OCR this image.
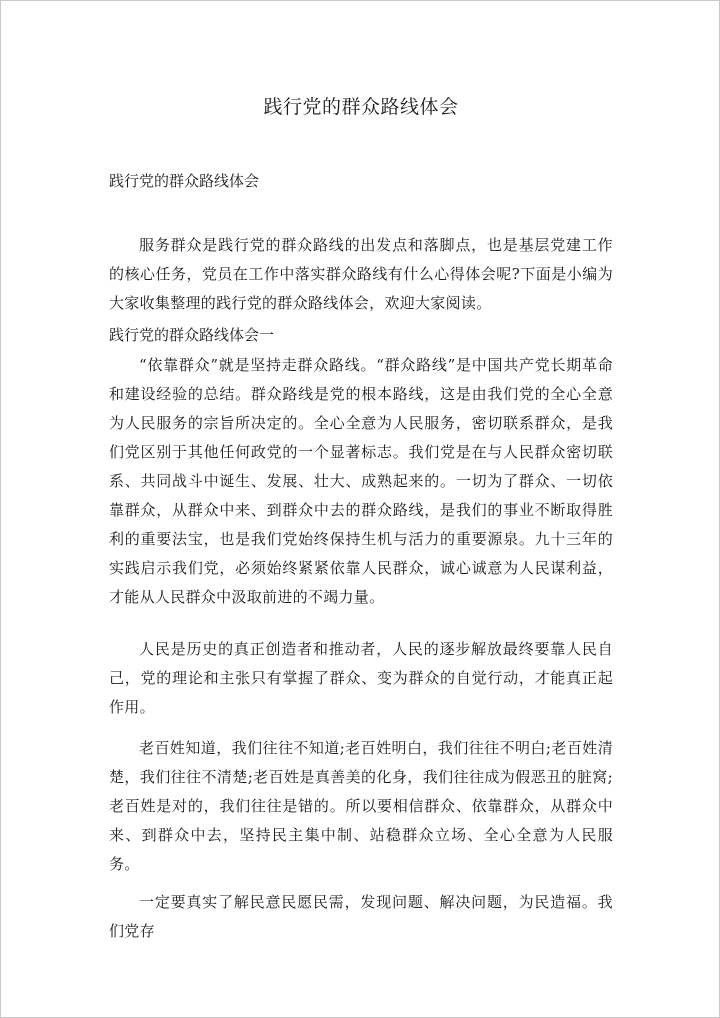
践行党的群众路线体会

践行党的群众路线体会

服务群众是践行党的群众路线的出发点和落脚点，也是基层党建工作的核心任务，党员在工作中落实群众路线有什么心得体会呢?下面是小编为大家收集整理的践行党的群众路线体会，欢迎大家阅读。

践行党的群众路线体会一

“依靠群众”就是坚持走群众路线。“群众路线”是中国共产党长期革命和建设经验的总结。群众路线是党的根本路线，这是由我们党的全心全意为人民服务的宗旨所决定的。全心全意为人民服务，密切联系群众，是我们党区别于其他任何政党的一个显著标志。我们党是在与人民群众密切联系、共同战斗中诞生、发展、壮大、成熟起来的。一切为了群众、一切依靠群众，从群众中来、到群众中去的群众路线，是我们的事业不断取得胜利的重要法宝，也是我们党始终保持生机与活力的重要源泉。九十三年的实践启示我们党，必须始终紧紧依靠人民群众，诚心诚意为人民谋利益，才能从人民群众中汲取前进的不竭力量。

人民是历史的真正创造者和推动者，人民的逐步解放最终要靠人民自己，党的理论和主张只有掌握了群众、变为群众的自觉行动，才能真正起作用。

老百姓知道，我们往往不知道;老百姓明白，我们往往不明白;老百姓清楚，我们往往不清楚;老百姓是真善美的化身，我们往往成为假恶丑的脏窝;老百姓是对的，我们往往是错的。所以要相信群众、依靠群众，从群众中来、到群众中去，坚持民主集中制、站稳群众立场、全心全意为人民服务。

一定要真实了解民意民愿民需，发现问题、解决问题，为民造福。我们党存
